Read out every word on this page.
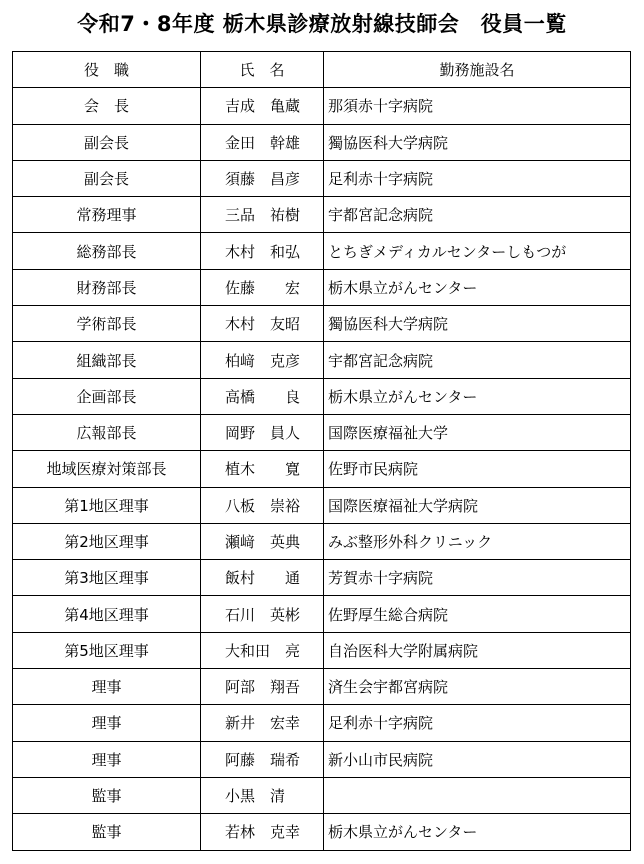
令和7・8年度 栃木県診療放射線技師会　役員一覧
役　職	氏　名	勤務施設名
会　長	吉成　亀蔵	那須赤十字病院
副会長	金田　幹雄	獨協医科大学病院
副会長	須藤　昌彦	足利赤十字病院
常務理事	三品　祐樹	宇都宮記念病院
総務部長	木村　和弘	とちぎメディカルセンターしもつが
財務部長	佐藤　　宏	栃木県立がんセンター
学術部長	木村　友昭	獨協医科大学病院
組織部長	柏﨑　克彦	宇都宮記念病院
企画部長	高橋　　良	栃木県立がんセンター
広報部長	岡野　員人	国際医療福祉大学
地域医療対策部長	植木　　寛	佐野市民病院
第1地区理事	八板　崇裕	国際医療福祉大学病院
第2地区理事	瀬﨑　英典	みぶ整形外科クリニック
第3地区理事	飯村　　通	芳賀赤十字病院
第4地区理事	石川　英彬	佐野厚生総合病院
第5地区理事	大和田　亮	自治医科大学附属病院
理事	阿部　翔吾	済生会宇都宮病院
理事	新井　宏幸	足利赤十字病院
理事	阿藤　瑞希	新小山市民病院
監事	小黒　清	
監事	若林　克幸	栃木県立がんセンター
